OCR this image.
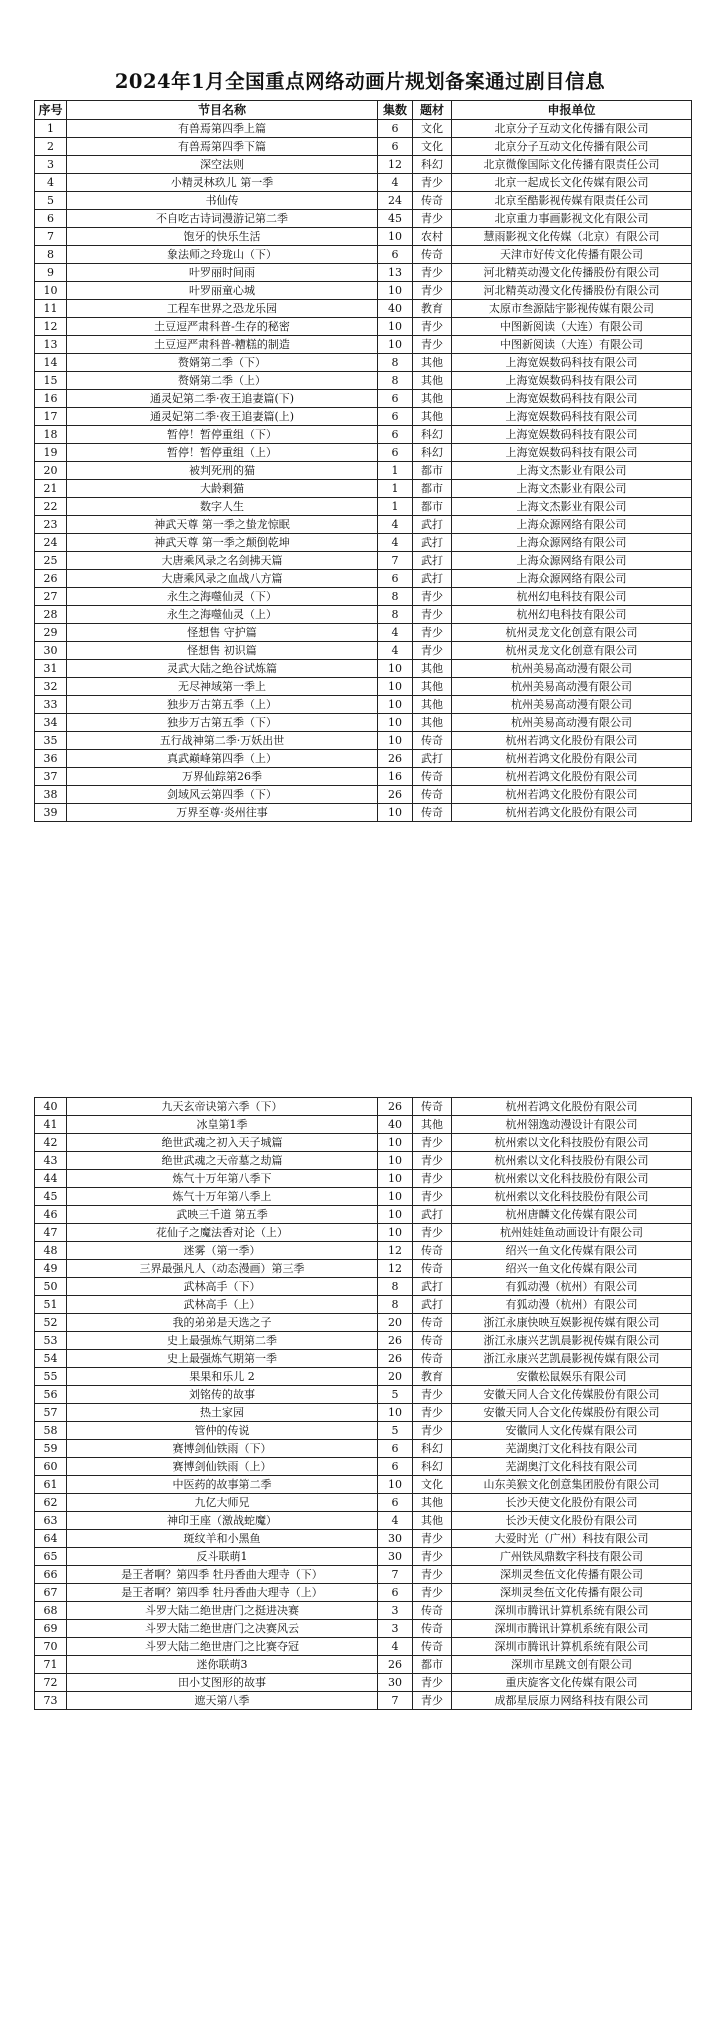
2024年1月全国重点网络动画片规划备案通过剧目信息
序号	节目名称	集数	题材	申报单位
1	有兽焉第四季上篇	6	文化	北京分子互动文化传播有限公司
2	有兽焉第四季下篇	6	文化	北京分子互动文化传播有限公司
3	深空法则	12	科幻	北京微像国际文化传播有限责任公司
4	小精灵林玖儿 第一季	4	青少	北京一起成长文化传媒有限公司
5	书仙传	24	传奇	北京至酷影视传媒有限责任公司
6	不自吃古诗词漫游记第二季	45	青少	北京重力事画影视文化有限公司
7	饱牙的快乐生活	10	农村	慧雨影视文化传媒（北京）有限公司
8	象法师之玲珑山（下）	6	传奇	天津市好传文化传播有限公司
9	叶罗丽时间雨	13	青少	河北精英动漫文化传播股份有限公司
10	叶罗丽童心城	10	青少	河北精英动漫文化传播股份有限公司
11	工程车世界之恐龙乐园	40	教育	太原市叁源陆宇影视传媒有限公司
12	土豆逗严肃科普-生存的秘密	10	青少	中图新阅读（大连）有限公司
13	土豆逗严肃科普-糟糕的制造	10	青少	中图新阅读（大连）有限公司
14	赘婿第二季（下）	8	其他	上海宽娱数码科技有限公司
15	赘婿第二季（上）	8	其他	上海宽娱数码科技有限公司
16	通灵妃第二季·夜王追妻篇(下)	6	其他	上海宽娱数码科技有限公司
17	通灵妃第二季·夜王追妻篇(上)	6	其他	上海宽娱数码科技有限公司
18	暂停！暂停重组（下）	6	科幻	上海宽娱数码科技有限公司
19	暂停！暂停重组（上）	6	科幻	上海宽娱数码科技有限公司
20	被判死刑的猫	1	都市	上海文杰影业有限公司
21	大龄剩猫	1	都市	上海文杰影业有限公司
22	数字人生	1	都市	上海文杰影业有限公司
23	神武天尊 第一季之蛰龙惊眠	4	武打	上海众源网络有限公司
24	神武天尊 第一季之颠倒乾坤	4	武打	上海众源网络有限公司
25	大唐乘风录之名剑拂天篇	7	武打	上海众源网络有限公司
26	大唐乘风录之血战八方篇	6	武打	上海众源网络有限公司
27	永生之海噬仙灵（下）	8	青少	杭州幻电科技有限公司
28	永生之海噬仙灵（上）	8	青少	杭州幻电科技有限公司
29	怪想售 守护篇	4	青少	杭州灵龙文化创意有限公司
30	怪想售 初识篇	4	青少	杭州灵龙文化创意有限公司
31	灵武大陆之绝谷试炼篇	10	其他	杭州美易高动漫有限公司
32	无尽神域第一季上	10	其他	杭州美易高动漫有限公司
33	独步万古第五季（上）	10	其他	杭州美易高动漫有限公司
34	独步万古第五季（下）	10	其他	杭州美易高动漫有限公司
35	五行战神第二季·万妖出世	10	传奇	杭州若鸿文化股份有限公司
36	真武巅峰第四季（上）	26	武打	杭州若鸿文化股份有限公司
37	万界仙踪第26季	16	传奇	杭州若鸿文化股份有限公司
38	剑域风云第四季（下）	26	传奇	杭州若鸿文化股份有限公司
39	万界至尊·炎州往事	10	传奇	杭州若鸿文化股份有限公司
40	九天玄帝诀第六季（下）	26	传奇	杭州若鸿文化股份有限公司
41	冰皇第1季	40	其他	杭州翎逸动漫设计有限公司
42	绝世武魂之初入天子城篇	10	青少	杭州索以文化科技股份有限公司
43	绝世武魂之天帝墓之劫篇	10	青少	杭州索以文化科技股份有限公司
44	炼气十万年第八季下	10	青少	杭州索以文化科技股份有限公司
45	炼气十万年第八季上	10	青少	杭州索以文化科技股份有限公司
46	武映三千道 第五季	10	武打	杭州唐麟文化传媒有限公司
47	花仙子之魔法香对论（上）	10	青少	杭州娃娃鱼动画设计有限公司
48	迷雾（第一季）	12	传奇	绍兴一鱼文化传媒有限公司
49	三界最强凡人（动态漫画）第三季	12	传奇	绍兴一鱼文化传媒有限公司
50	武林高手（下）	8	武打	有狐动漫（杭州）有限公司
51	武林高手（上）	8	武打	有狐动漫（杭州）有限公司
52	我的弟弟是天选之子	20	传奇	浙江永康快映互娱影视传媒有限公司
53	史上最强炼气期第二季	26	传奇	浙江永康兴艺凯晨影视传媒有限公司
54	史上最强炼气期第一季	26	传奇	浙江永康兴艺凯晨影视传媒有限公司
55	果果和乐儿 2	20	教育	安徽松鼠娱乐有限公司
56	刘铭传的故事	5	青少	安徽天同人合文化传媒股份有限公司
57	热土家园	10	青少	安徽天同人合文化传媒股份有限公司
58	管仲的传说	5	青少	安徽同人文化传媒有限公司
59	赛博剑仙铁雨（下）	6	科幻	芜湖奥汀文化科技有限公司
60	赛博剑仙铁雨（上）	6	科幻	芜湖奥汀文化科技有限公司
61	中医药的故事第二季	10	文化	山东美猴文化创意集团股份有限公司
62	九亿大师兄	6	其他	长沙天使文化股份有限公司
63	神印王座（激战蛇魔）	4	其他	长沙天使文化股份有限公司
64	斑纹羊和小黑鱼	30	青少	大爱时光（广州）科技有限公司
65	反斗联萌1	30	青少	广州铁凤鼎数字科技有限公司
66	是王者啊？第四季 牡丹香曲大理寺（下）	7	青少	深圳灵叁伍文化传播有限公司
67	是王者啊？第四季 牡丹香曲大理寺（上）	6	青少	深圳灵叁伍文化传播有限公司
68	斗罗大陆二绝世唐门之挺进决赛	3	传奇	深圳市腾讯计算机系统有限公司
69	斗罗大陆二绝世唐门之决赛风云	3	传奇	深圳市腾讯计算机系统有限公司
70	斗罗大陆二绝世唐门之比赛夺冠	4	传奇	深圳市腾讯计算机系统有限公司
71	迷你联萌3	26	都市	深圳市星跳文创有限公司
72	田小艾图形的故事	30	青少	重庆旋客文化传媒有限公司
73	遮天第八季	7	青少	成都星辰原力网络科技有限公司
